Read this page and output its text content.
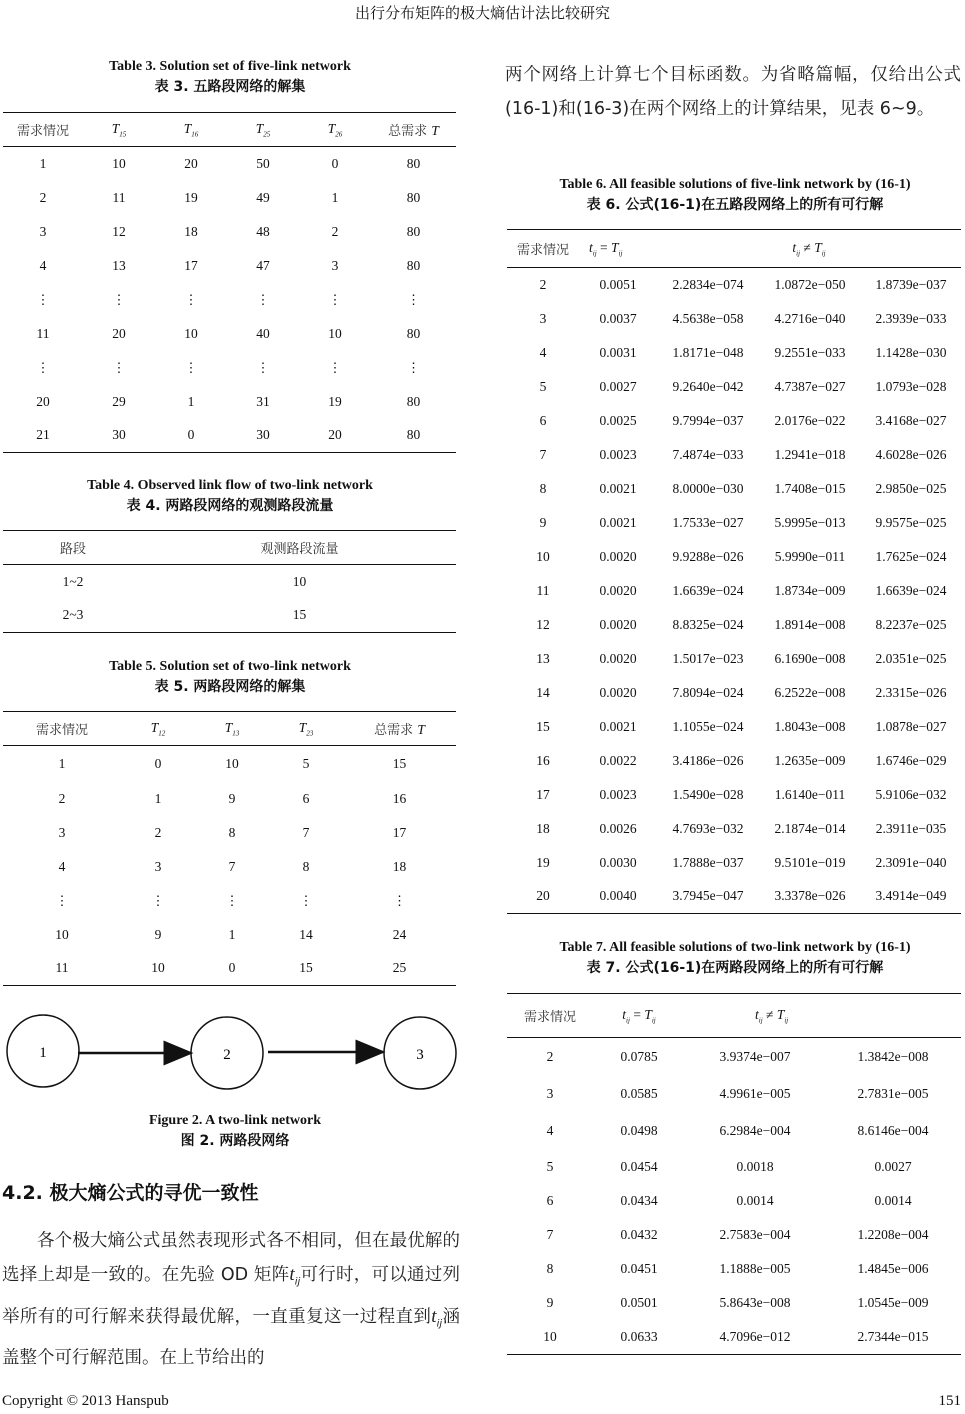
出行分布矩阵的极大熵估计法比较研究
Table 3. Solution set of five-link network
表 3. 五路段网络的解集
需求情况	$T_{15}$	$T_{16}$	$T_{25}$	$T_{26}$	总需求 T
1	10	20	50	0	80
2	11	19	49	1	80
3	12	18	48	2	80
4	13	17	47	3	80
⋮	⋮	⋮	⋮	⋮	⋮
11	20	10	40	10	80
⋮	⋮	⋮	⋮	⋮	⋮
20	29	1	31	19	80
21	30	0	30	20	80
Table 4. Observed link flow of two-link network
表 4. 两路段网络的观测路段流量
路段	观测路段流量
1~2	10
2~3	15
Table 5. Solution set of two-link network
表 5. 两路段网络的解集
需求情况	$T_{12}$	$T_{13}$	$T_{23}$	总需求 T
1	0	10	5	15
2	1	9	6	16
3	2	8	7	17
4	3	7	8	18
⋮	⋮	⋮	⋮	⋮
10	9	1	14	24
11	10	0	15	25
1	2	3
Figure 2. A two-link network
图 2. 两路段网络
4.2. 极大熵公式的寻优一致性
各个极大熵公式虽然表现形式各不相同，但在最优解的选择上却是一致的。在先验 OD 矩阵$t_{ij}$可行时，可以通过列举所有的可行解来获得最优解，一直重复这一过程直到$t_{ij}$涵盖整个可行解范围。在上节给出的
两个网络上计算七个目标函数。为省略篇幅，仅给出公式(16-1)和(16-3)在两个网络上的计算结果，见表 6~9。
Table 6. All feasible solutions of five-link network by (16-1)
表 6. 公式(16-1)在五路段网络上的所有可行解
需求情况	$t_{ij} = T_{ij}$	$t_{ij} \ne T_{ij}$
2	0.0051	2.2834e−074	1.0872e−050	1.8739e−037
3	0.0037	4.5638e−058	4.2716e−040	2.3939e−033
4	0.0031	1.8171e−048	9.2551e−033	1.1428e−030
5	0.0027	9.2640e−042	4.7387e−027	1.0793e−028
6	0.0025	9.7994e−037	2.0176e−022	3.4168e−027
7	0.0023	7.4874e−033	1.2941e−018	4.6028e−026
8	0.0021	8.0000e−030	1.7408e−015	2.9850e−025
9	0.0021	1.7533e−027	5.9995e−013	9.9575e−025
10	0.0020	9.9288e−026	5.9990e−011	1.7625e−024
11	0.0020	1.6639e−024	1.8734e−009	1.6639e−024
12	0.0020	8.8325e−024	1.8914e−008	8.2237e−025
13	0.0020	1.5017e−023	6.1690e−008	2.0351e−025
14	0.0020	7.8094e−024	6.2522e−008	2.3315e−026
15	0.0021	1.1055e−024	1.8043e−008	1.0878e−027
16	0.0022	3.4186e−026	1.2635e−009	1.6746e−029
17	0.0023	1.5490e−028	1.6140e−011	5.9106e−032
18	0.0026	4.7693e−032	2.1874e−014	2.3911e−035
19	0.0030	1.7888e−037	9.5101e−019	2.3091e−040
20	0.0040	3.7945e−047	3.3378e−026	3.4914e−049
Table 7. All feasible solutions of two-link network by (16-1)
表 7. 公式(16-1)在两路段网络上的所有可行解
需求情况	$t_{ij} = T_{ij}$	$t_{ij} \ne T_{ij}$
2	0.0785	3.9374e−007	1.3842e−008
3	0.0585	4.9961e−005	2.7831e−005
4	0.0498	6.2984e−004	8.6146e−004
5	0.0454	0.0018	0.0027
6	0.0434	0.0014	0.0014
7	0.0432	2.7583e−004	1.2208e−004
8	0.0451	1.1888e−005	1.4845e−006
9	0.0501	5.8643e−008	1.0545e−009
10	0.0633	4.7096e−012	2.7344e−015
Copyright © 2013 Hanspub	151
